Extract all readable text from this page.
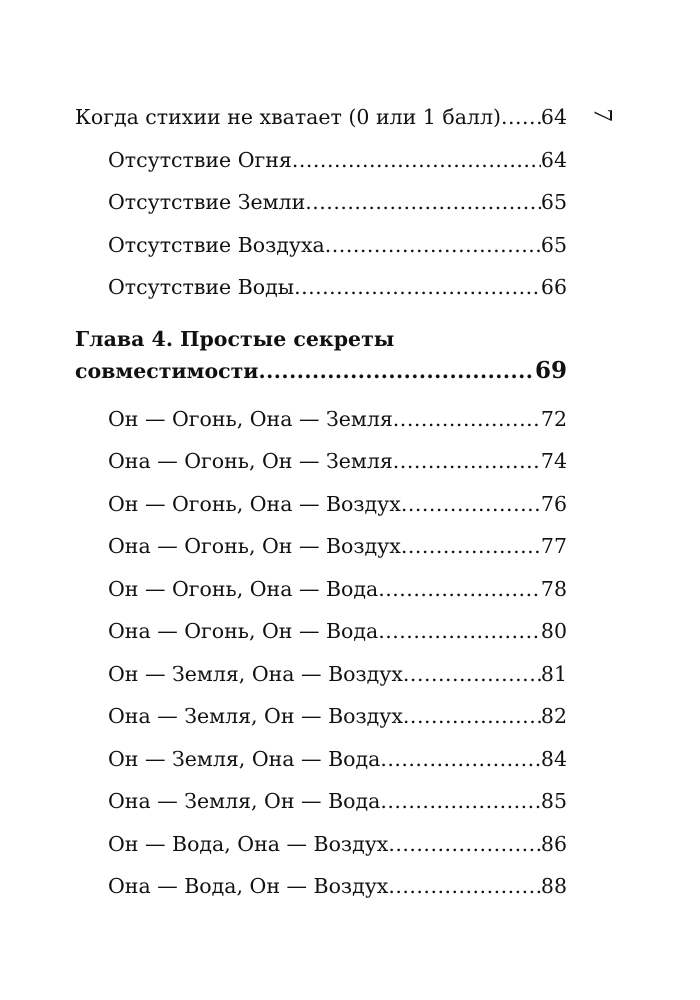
7
Когда стихии не хватает (0 или 1 балл) ..... 64
Отсутствие Огня .....	64
Отсутствие Земли .....	65
Отсутствие Воздуха .....	65
Отсутствие Воды .....	66
Глава 4. Простые секреты
совместимости .....	69
Он — Огонь, Она — Земля .....	72
Она — Огонь, Он — Земля .....	74
Он — Огонь, Она — Воздух .....	76
Она — Огонь, Он — Воздух .....	77
Он — Огонь, Она — Вода .....	78
Она — Огонь, Он — Вода .....	80
Он — Земля, Она — Воздух .....	81
Она — Земля, Он — Воздух .....	82
Он — Земля, Она — Вода .....	84
Она — Земля, Он — Вода .....	85
Он — Вода, Она — Воздух .....	86
Она — Вода, Он — Воздух .....	88
